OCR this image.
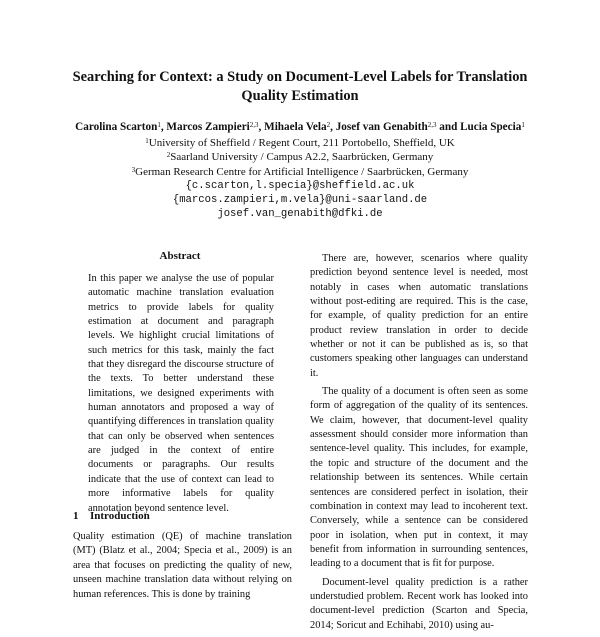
Searching for Context: a Study on Document-Level Labels for Translation Quality Estimation
Carolina Scarton$^1$, Marcos Zampieri$^{2,3}$, Mihaela Vela$^2$, Josef van Genabith$^{2,3}$ and Lucia Specia$^1$
$^1$University of Sheffield / Regent Court, 211 Portobello, Sheffield, UK
$^2$Saarland University / Campus A2.2, Saarbrücken, Germany
$^3$German Research Centre for Artificial Intelligence / Saarbrücken, Germany
{c.scarton,l.specia}@sheffield.ac.uk
{marcos.zampieri,m.vela}@uni-saarland.de
josef.van_genabith@dfki.de
Abstract
In this paper we analyse the use of popular automatic machine translation evaluation metrics to provide labels for quality estimation at document and paragraph levels. We highlight crucial limitations of such metrics for this task, mainly the fact that they disregard the discourse structure of the texts. To better understand these limitations, we designed experiments with human annotators and proposed a way of quantifying differences in translation quality that can only be observed when sentences are judged in the context of entire documents or paragraphs. Our results indicate that the use of context can lead to more informative labels for quality annotation beyond sentence level.
1 Introduction
Quality estimation (QE) of machine translation (MT) (Blatz et al., 2004; Specia et al., 2009) is an area that focuses on predicting the quality of new, unseen machine translation data without relying on human references. This is done by training

There are, however, scenarios where quality prediction beyond sentence level is needed, most notably in cases when automatic translations without post-editing are required. This is the case, for example, of quality prediction for an entire product review translation in order to decide whether or not it can be published as is, so that customers speaking other languages can understand it.

The quality of a document is often seen as some form of aggregation of the quality of its sentences. We claim, however, that document-level quality assessment should consider more information than sentence-level quality. This includes, for example, the topic and structure of the document and the relationship between its sentences. While certain sentences are considered perfect in isolation, their combination in context may lead to incoherent text. Conversely, while a sentence can be considered poor in isolation, when put in context, it may benefit from information in surrounding sentences, leading to a document that is fit for purpose.

Document-level quality prediction is a rather understudied problem. Recent work has looked into document-level prediction (Scarton and Specia, 2014; Soricut and Echihabi, 2010) using au-
